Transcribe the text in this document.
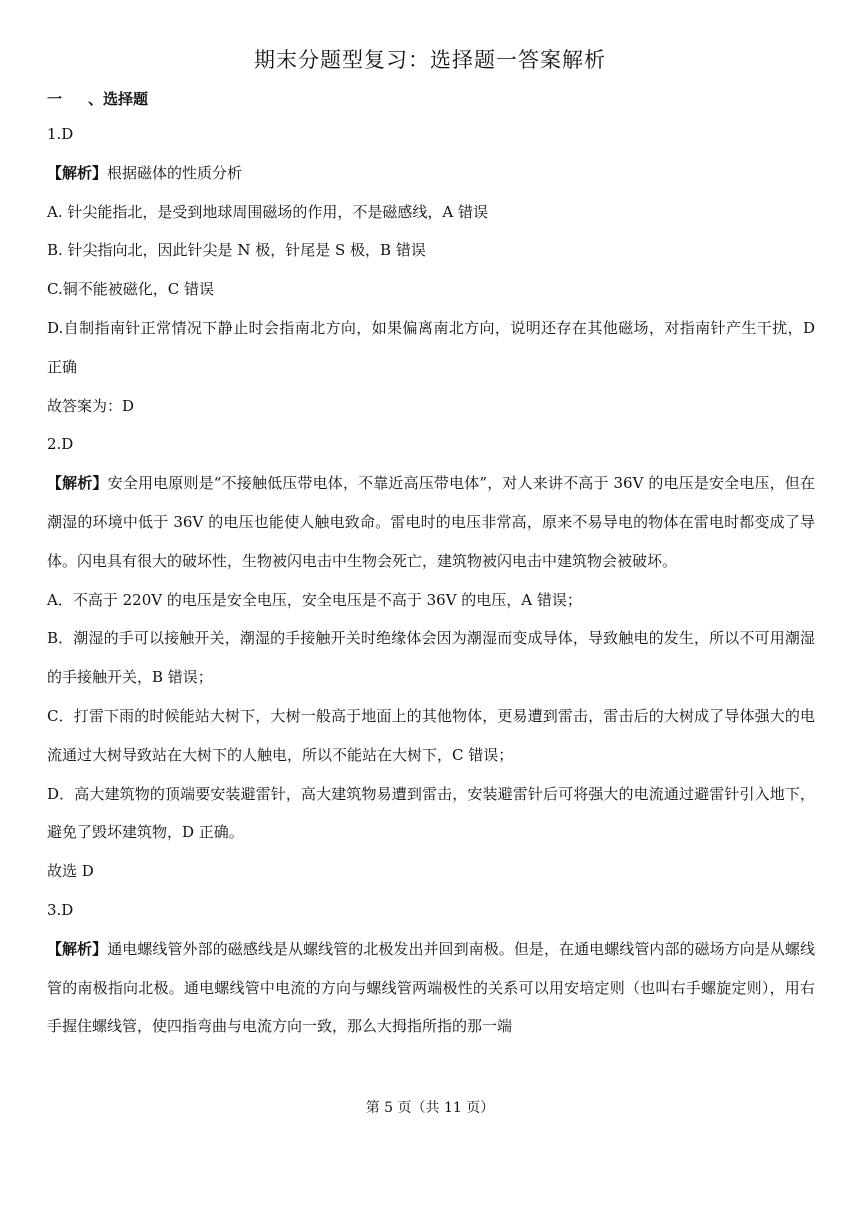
期末分题型复习：选择题一答案解析
一 、选择题

1.D

【解析】根据磁体的性质分析

A. 针尖能指北，是受到地球周围磁场的作用，不是磁感线，A 错误

B. 针尖指向北，因此针尖是 N 极，针尾是 S 极，B 错误

C.铜不能被磁化，C 错误

D.自制指南针正常情况下静止时会指南北方向，如果偏离南北方向，说明还存在其他磁场，对指南针产生干扰，D 正确

故答案为：D

2.D

【解析】安全用电原则是“不接触低压带电体，不靠近高压带电体”，对人来讲不高于 36V 的电压是安全电压，但在潮湿的环境中低于 36V 的电压也能使人触电致命。雷电时的电压非常高，原来不易导电的物体在雷电时都变成了导体。闪电具有很大的破坏性，生物被闪电击中生物会死亡，建筑物被闪电击中建筑物会被破坏。

A．不高于 220V 的电压是安全电压，安全电压是不高于 36V 的电压，A 错误；

B．潮湿的手可以接触开关，潮湿的手接触开关时绝缘体会因为潮湿而变成导体，导致触电的发生，所以不可用潮湿的手接触开关，B 错误；

C．打雷下雨的时候能站大树下，大树一般高于地面上的其他物体，更易遭到雷击，雷击后的大树成了导体强大的电流通过大树导致站在大树下的人触电，所以不能站在大树下，C 错误；

D．高大建筑物的顶端要安装避雷针，高大建筑物易遭到雷击，安装避雷针后可将强大的电流通过避雷针引入地下，避免了毁坏建筑物，D 正确。

故选 D

3.D

【解析】通电螺线管外部的磁感线是从螺线管的北极发出并回到南极。但是，在通电螺线管内部的磁场方向是从螺线管的南极指向北极。通电螺线管中电流的方向与螺线管两端极性的关系可以用安培定则（也叫右手螺旋定则），用右手握住螺线管，使四指弯曲与电流方向一致，那么大拇指所指的那一端

第 5 页（共 11 页）
